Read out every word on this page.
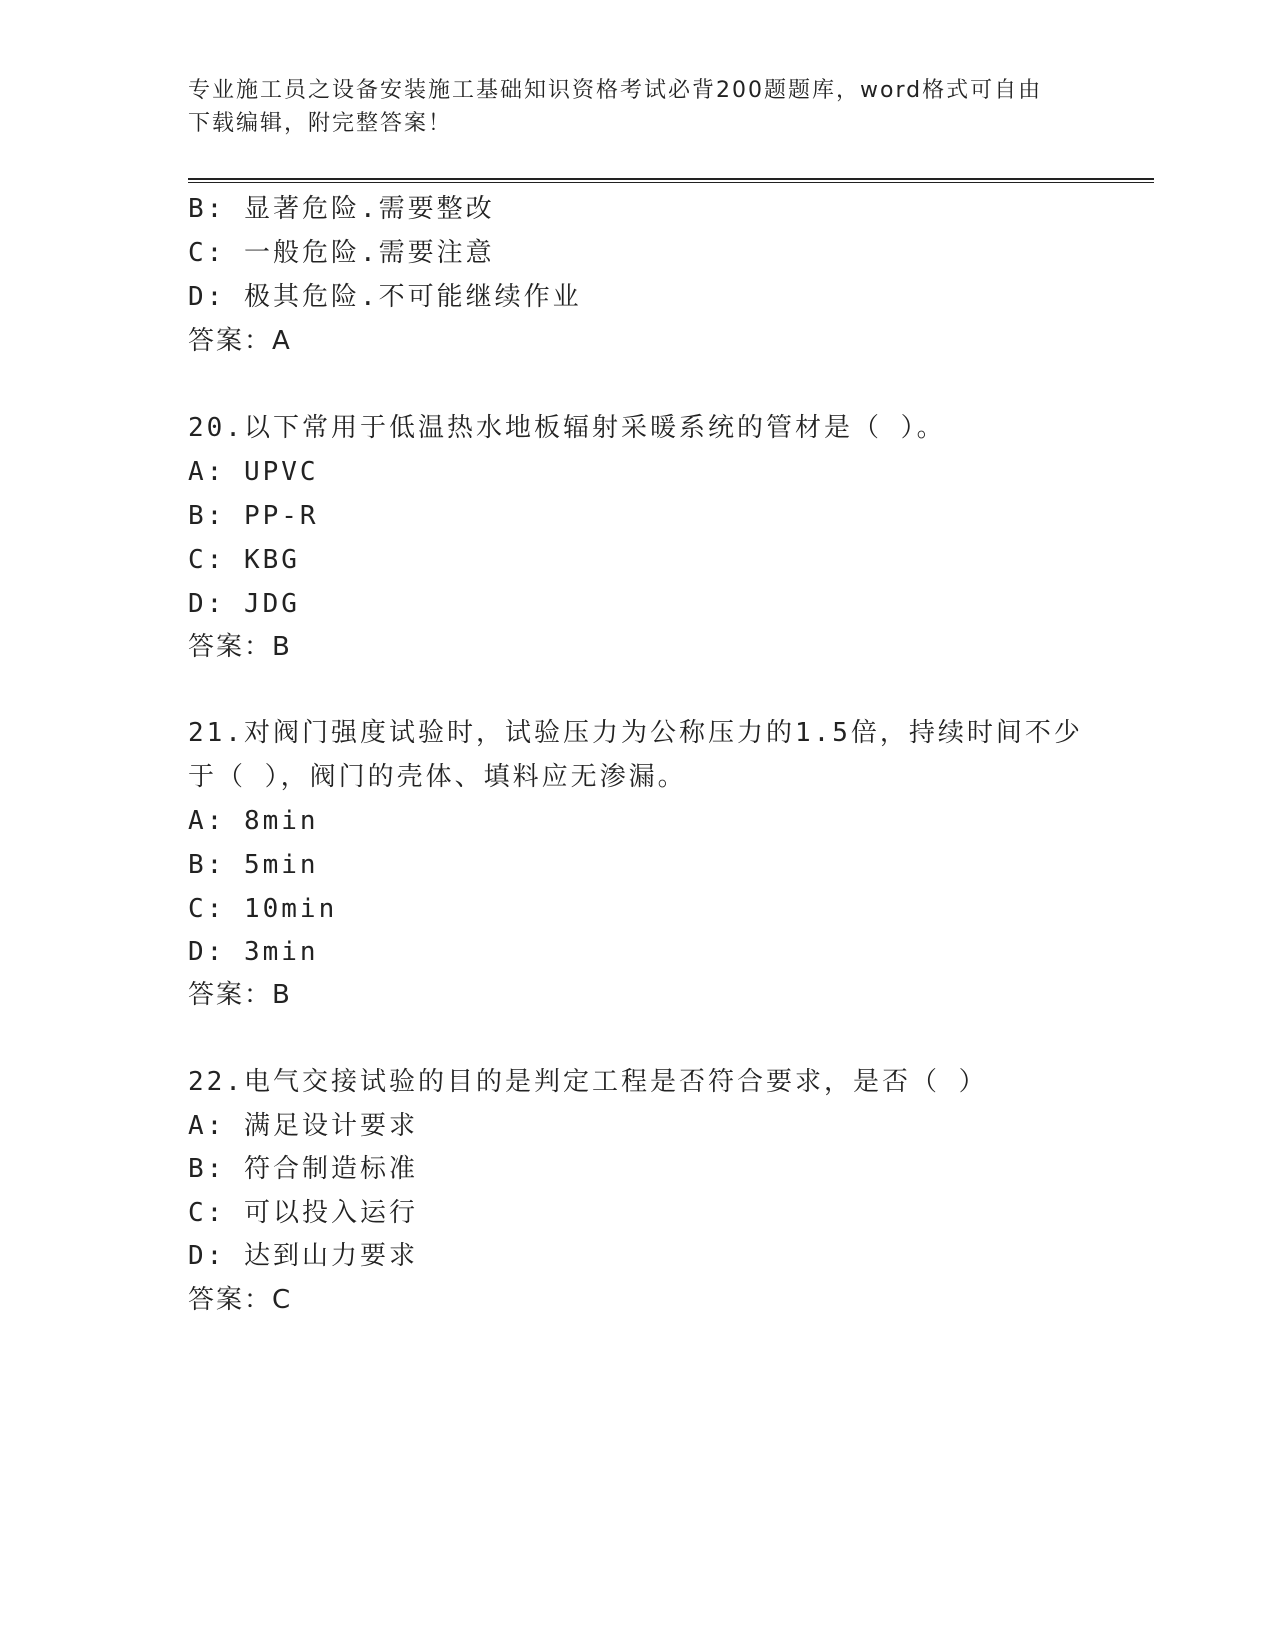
专业施工员之设备安装施工基础知识资格考试必背200题题库，word格式可自由
下载编辑，附完整答案！
B: 显著危险.需要整改
C: 一般危险.需要注意
D: 极其危险.不可能继续作业
答案：A
20.以下常用于低温热水地板辐射采暖系统的管材是（ ）。
A: UPVC
B: PP-R
C: KBG
D: JDG
答案：B
21.对阀门强度试验时，试验压力为公称压力的1.5倍，持续时间不少
于（ ），阀门的壳体、填料应无渗漏。
A: 8min
B: 5min
C: 10min
D: 3min
答案：B
22.电气交接试验的目的是判定工程是否符合要求，是否（ ）
A: 满足设计要求
B: 符合制造标准
C: 可以投入运行
D: 达到山力要求
答案：C
